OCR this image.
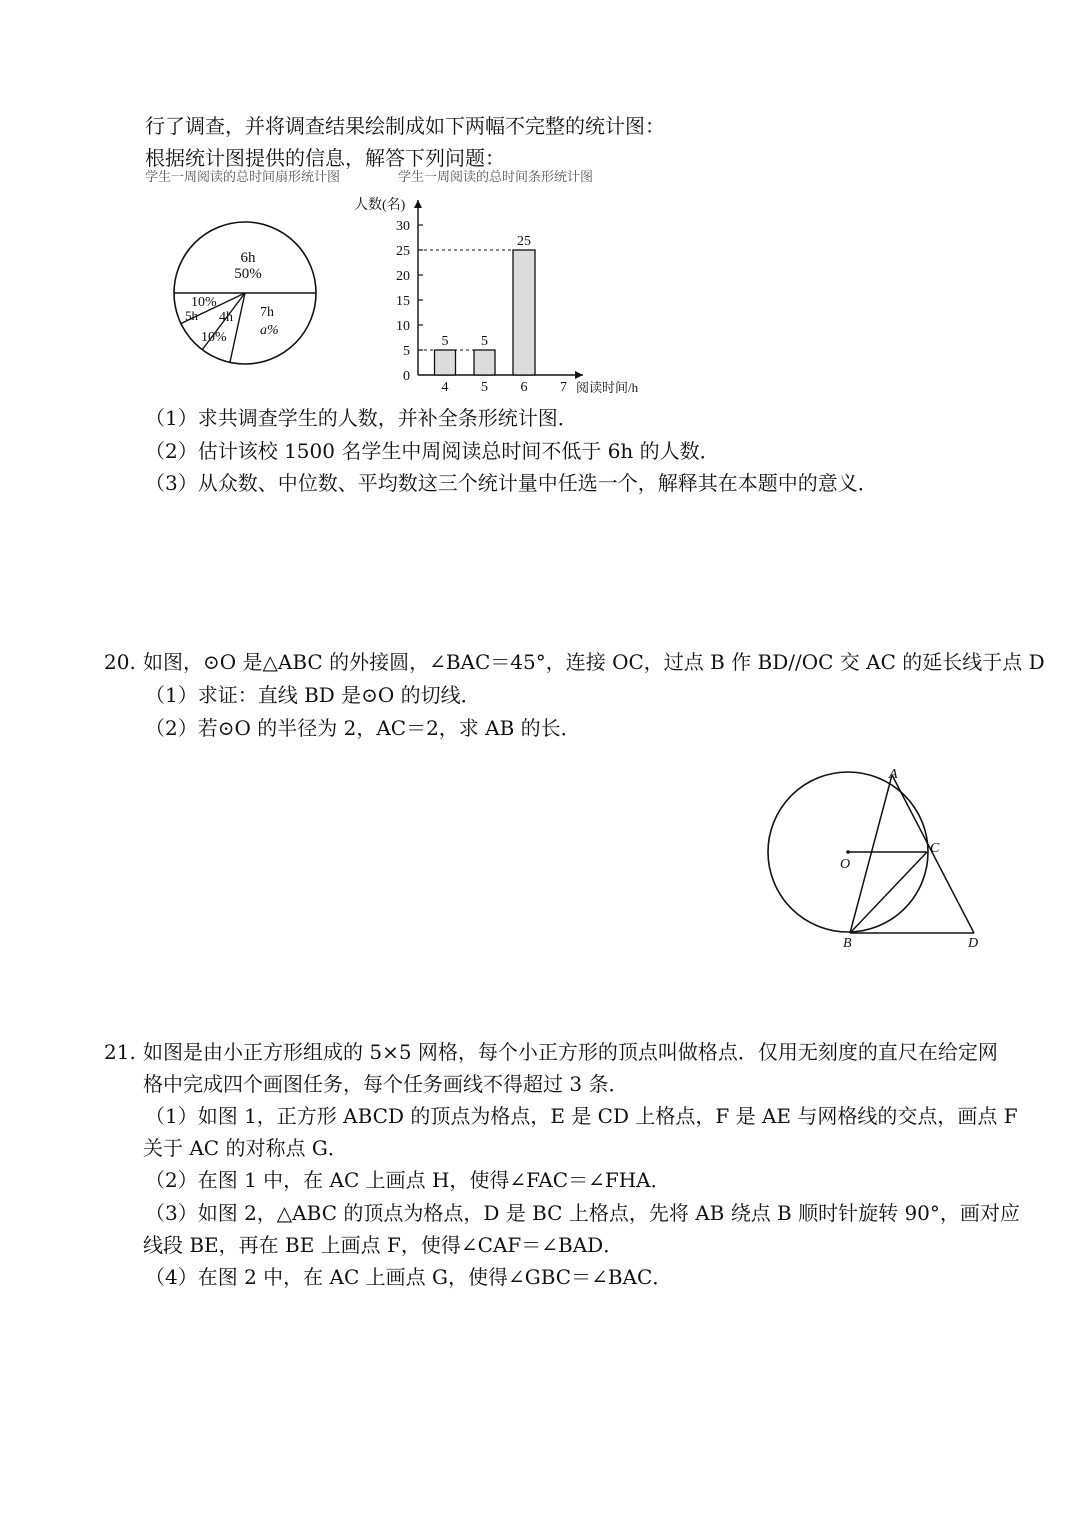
行了调查，并将调查结果绘制成如下两幅不完整的统计图：
根据统计图提供的信息，解答下列问题：
学生一周阅读的总时间扇形统计图	学生一周阅读的总时间条形统计图
6h
50%
10%
5h 4h
10%
7h
a%
人数(名)
0
5
10
15
20
25
30
4
5
5
5
6
25
7 阅读时间/h
（1）求共调查学生的人数，并补全条形统计图．
（2）估计该校 1500 名学生中周阅读总时间不低于 6h 的人数．
（3）从众数、中位数、平均数这三个统计量中任选一个，解释其在本题中的意义．
20. 如图，⊙O 是△ABC 的外接圆，∠BAC＝45°，连接 OC，过点 B 作 BD//OC 交 AC 的延长线于点 D
（1）求证：直线 BD 是⊙O 的切线．
（2）若⊙O 的半径为 2，AC＝2，求 AB 的长．
A
O
C
B	D
21. 如图是由小正方形组成的 5×5 网格，每个小正方形的顶点叫做格点．仅用无刻度的直尺在给定网
格中完成四个画图任务，每个任务画线不得超过 3 条．
（1）如图 1，正方形 ABCD 的顶点为格点，E 是 CD 上格点，F 是 AE 与网格线的交点，画点 F
关于 AC 的对称点 G．
（2）在图 1 中，在 AC 上画点 H，使得∠FAC＝∠FHA．
（3）如图 2，△ABC 的顶点为格点，D 是 BC 上格点，先将 AB 绕点 B 顺时针旋转 90°，画对应
线段 BE，再在 BE 上画点 F，使得∠CAF＝∠BAD．
（4）在图 2 中，在 AC 上画点 G，使得∠GBC＝∠BAC．
